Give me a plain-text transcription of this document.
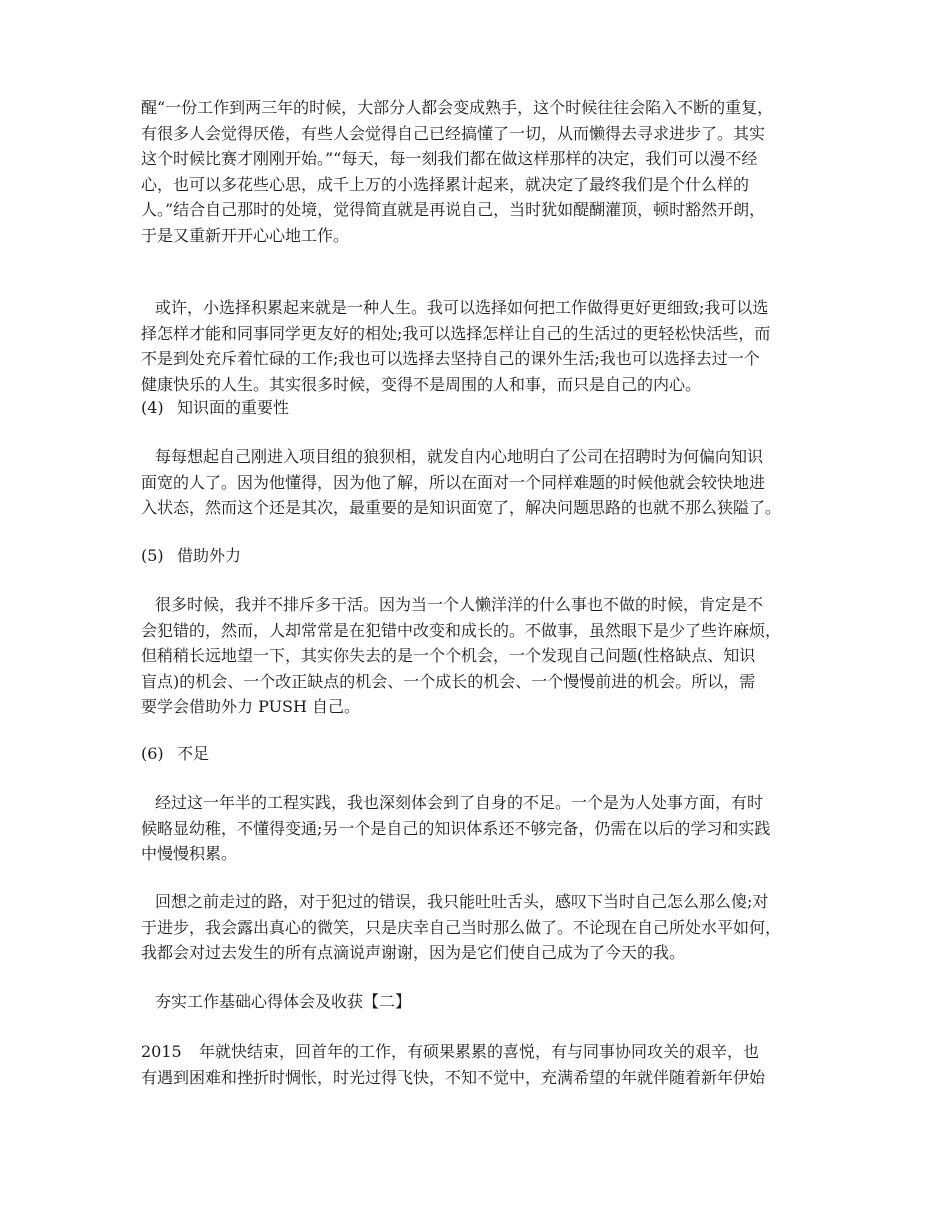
醒“一份工作到两三年的时候，大部分人都会变成熟手，这个时候往往会陷入不断的重复，
有很多人会觉得厌倦，有些人会觉得自己已经搞懂了一切，从而懒得去寻求进步了。其实
这个时候比赛才刚刚开始。”“每天，每一刻我们都在做这样那样的决定，我们可以漫不经
心，也可以多花些心思，成千上万的小选择累计起来，就决定了最终我们是个什么样的
人。”结合自己那时的处境，觉得简直就是再说自己，当时犹如醍醐灌顶，顿时豁然开朗，
于是又重新开开心心地工作。
或许，小选择积累起来就是一种人生。我可以选择如何把工作做得更好更细致;我可以选
择怎样才能和同事同学更友好的相处;我可以选择怎样让自己的生活过的更轻松快活些，而
不是到处充斥着忙碌的工作;我也可以选择去坚持自己的课外生活;我也可以选择去过一个
健康快乐的人生。其实很多时候，变得不是周围的人和事，而只是自己的内心。
(4) 知识面的重要性
每每想起自己刚进入项目组的狼狈相，就发自内心地明白了公司在招聘时为何偏向知识
面宽的人了。因为他懂得，因为他了解，所以在面对一个同样难题的时候他就会较快地进
入状态，然而这个还是其次，最重要的是知识面宽了，解决问题思路的也就不那么狭隘了。
(5) 借助外力
很多时候，我并不排斥多干活。因为当一个人懒洋洋的什么事也不做的时候，肯定是不
会犯错的，然而，人却常常是在犯错中改变和成长的。不做事，虽然眼下是少了些许麻烦，
但稍稍长远地望一下，其实你失去的是一个个机会，一个发现自己问题(性格缺点、知识
盲点)的机会、一个改正缺点的机会、一个成长的机会、一个慢慢前进的机会。所以，需
要学会借助外力 PUSH 自己。
(6) 不足
经过这一年半的工程实践，我也深刻体会到了自身的不足。一个是为人处事方面，有时
候略显幼稚，不懂得变通;另一个是自己的知识体系还不够完备，仍需在以后的学习和实践
中慢慢积累。
回想之前走过的路，对于犯过的错误，我只能吐吐舌头，感叹下当时自己怎么那么傻;对
于进步，我会露出真心的微笑，只是庆幸自己当时那么做了。不论现在自己所处水平如何，
我都会对过去发生的所有点滴说声谢谢，因为是它们使自己成为了今天的我。
夯实工作基础心得体会及收获【二】
2015 年就快结束，回首年的工作，有硕果累累的喜悦，有与同事协同攻关的艰辛，也
有遇到困难和挫折时惆怅，时光过得飞快，不知不觉中，充满希望的年就伴随着新年伊始
